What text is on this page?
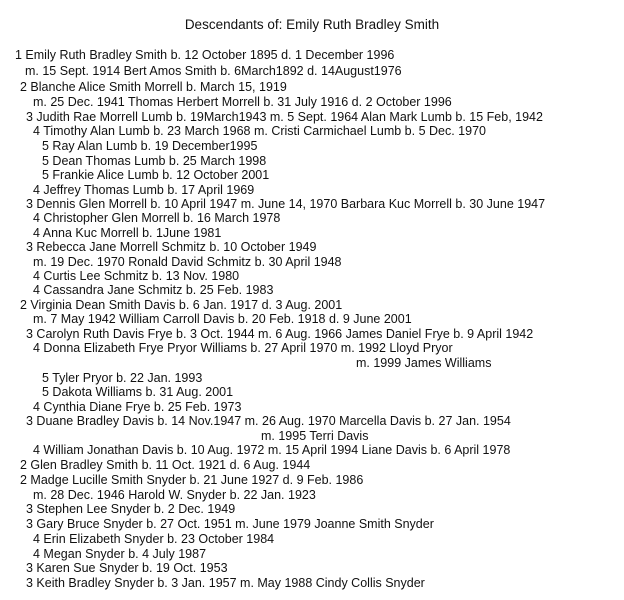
Descendants of: Emily Ruth Bradley Smith
1 Emily Ruth Bradley Smith b. 12 October 1895 d. 1 December 1996
m. 15 Sept. 1914 Bert Amos Smith b. 6March1892 d. 14August1976
2 Blanche Alice Smith Morrell b. March 15, 1919
m. 25 Dec. 1941 Thomas Herbert Morrell b. 31 July 1916 d. 2 October 1996
3 Judith Rae Morrell Lumb b. 19March1943 m. 5 Sept. 1964 Alan Mark Lumb b. 15 Feb, 1942
4 Timothy Alan Lumb b. 23 March 1968 m. Cristi Carmichael Lumb b. 5 Dec. 1970
5 Ray Alan Lumb b. 19 December1995
5 Dean Thomas Lumb b. 25 March 1998
5 Frankie Alice Lumb b. 12 October 2001
4 Jeffrey Thomas Lumb b. 17 April 1969
3 Dennis Glen Morrell b. 10 April 1947 m. June 14, 1970 Barbara Kuc Morrell b. 30 June 1947
4 Christopher Glen Morrell b. 16 March 1978
4 Anna Kuc Morrell b. 1June 1981
3 Rebecca Jane Morrell Schmitz b. 10 October 1949
m. 19 Dec. 1970 Ronald David Schmitz b. 30 April 1948
4 Curtis Lee Schmitz b. 13 Nov. 1980
4 Cassandra Jane Schmitz b. 25 Feb. 1983
2 Virginia Dean Smith Davis b. 6 Jan. 1917 d. 3 Aug. 2001
m. 7 May 1942 William Carroll Davis b. 20 Feb. 1918 d. 9 June 2001
3 Carolyn Ruth Davis Frye b. 3 Oct. 1944 m. 6 Aug. 1966 James Daniel Frye b. 9 April 1942
4 Donna Elizabeth Frye Pryor Williams b. 27 April 1970 m. 1992 Lloyd Pryor
m. 1999 James Williams
5 Tyler Pryor b. 22 Jan. 1993
5 Dakota Williams b. 31 Aug. 2001
4 Cynthia Diane Frye b. 25 Feb. 1973
3 Duane Bradley Davis b. 14 Nov.1947 m. 26 Aug. 1970 Marcella Davis b. 27 Jan. 1954
m. 1995 Terri Davis
4 William Jonathan Davis b. 10 Aug. 1972 m. 15 April 1994 Liane Davis b. 6 April 1978
2 Glen Bradley Smith b. 11 Oct. 1921 d. 6 Aug. 1944
2 Madge Lucille Smith Snyder b. 21 June 1927 d. 9 Feb. 1986
m. 28 Dec. 1946 Harold W. Snyder b. 22 Jan. 1923
3 Stephen Lee Snyder b. 2 Dec. 1949
3 Gary Bruce Snyder b. 27 Oct. 1951 m. June 1979 Joanne Smith Snyder
4 Erin Elizabeth Snyder b. 23 October 1984
4 Megan Snyder b. 4 July 1987
3 Karen Sue Snyder b. 19 Oct. 1953
3 Keith Bradley Snyder b. 3 Jan. 1957 m. May 1988 Cindy Collis Snyder
